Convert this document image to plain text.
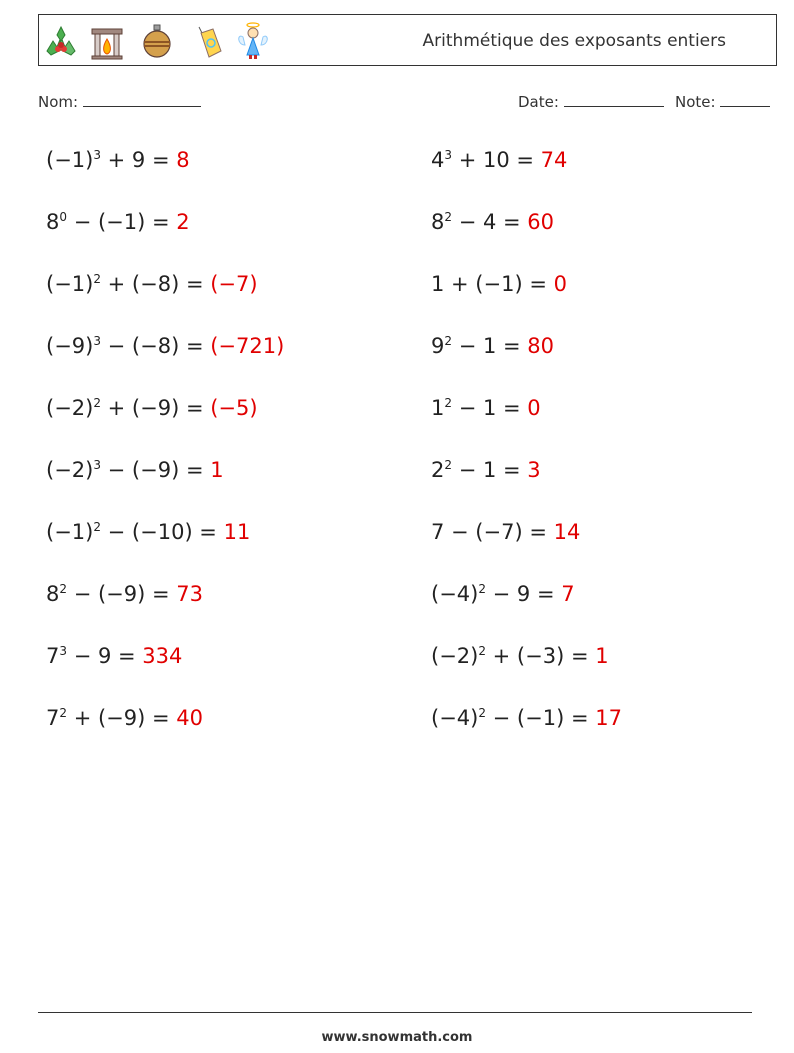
Arithmétique des exposants entiers
Nom:	Date:	Note:
$(-1)^3 + 9 = 8$
$8^0 - (-1) = 2$
$(-1)^2 + (-8) = (-7)$
$(-9)^3 - (-8) = (-721)$
$(-2)^2 + (-9) = (-5)$
$(-2)^3 - (-9) = 1$
$(-1)^2 - (-10) = 11$
$8^2 - (-9) = 73$
$7^3 - 9 = 334$
$7^2 + (-9) = 40$
$4^3 + 10 = 74$
$8^2 - 4 = 60$
1 + (−1) = 0
$9^2 - 1 = 80$
$1^2 - 1 = 0$
$2^2 - 1 = 3$
7 − (−7) = 14
$(-4)^2 - 9 = 7$
$(-2)^2 + (-3) = 1$
$(-4)^2 - (-1) = 17$
www.snowmath.com
